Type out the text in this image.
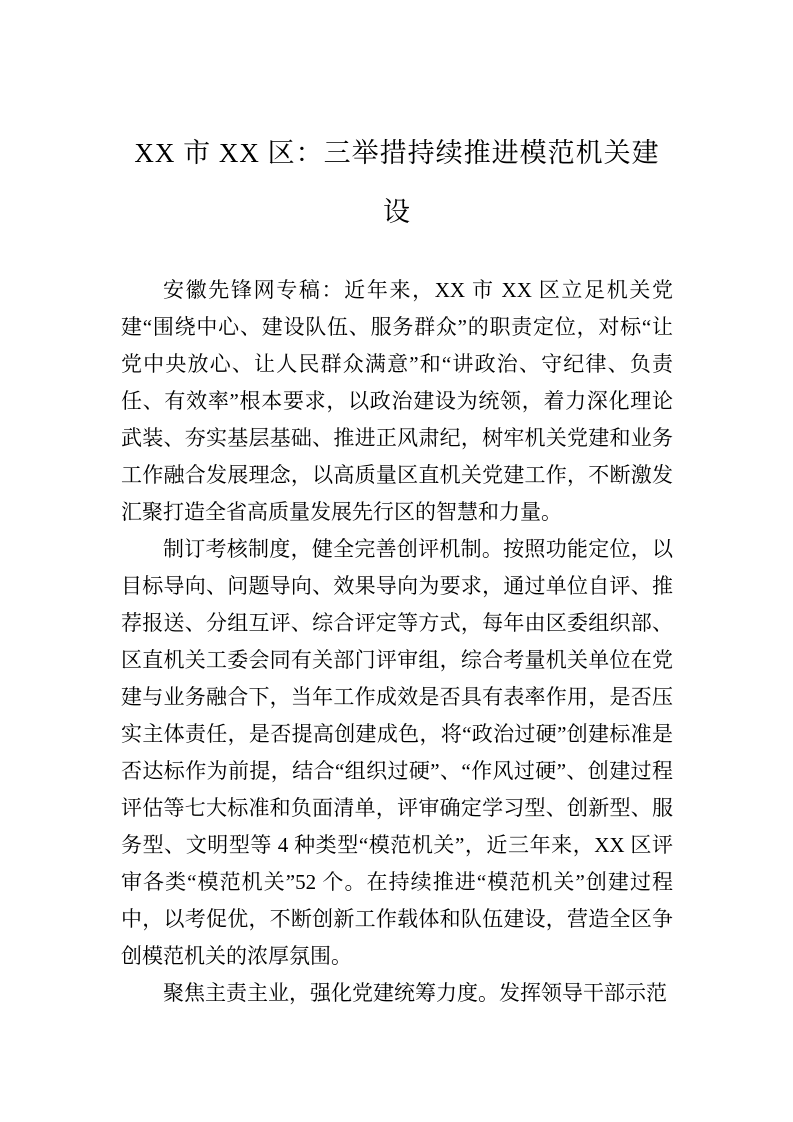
XX 市 XX 区：三举措持续推进模范机关建设

安徽先锋网专稿：近年来，XX 市 XX 区立足机关党建“围绕中心、建设队伍、服务群众”的职责定位，对标“让党中央放心、让人民群众满意”和“讲政治、守纪律、负责任、有效率”根本要求，以政治建设为统领，着力深化理论武装、夯实基层基础、推进正风肃纪，树牢机关党建和业务工作融合发展理念，以高质量区直机关党建工作，不断激发汇聚打造全省高质量发展先行区的智慧和力量。

制订考核制度，健全完善创评机制。按照功能定位，以目标导向、问题导向、效果导向为要求，通过单位自评、推荐报送、分组互评、综合评定等方式，每年由区委组织部、区直机关工委会同有关部门评审组，综合考量机关单位在党建与业务融合下，当年工作成效是否具有表率作用，是否压实主体责任，是否提高创建成色，将“政治过硬”创建标准是否达标作为前提，结合“组织过硬”、“作风过硬”、创建过程评估等七大标准和负面清单，评审确定学习型、创新型、服务型、文明型等 4 种类型“模范机关”，近三年来，XX 区评审各类“模范机关”52 个。在持续推进“模范机关”创建过程中，以考促优，不断创新工作载体和队伍建设，营造全区争创模范机关的浓厚氛围。

聚焦主责主业，强化党建统筹力度。发挥领导干部示范
